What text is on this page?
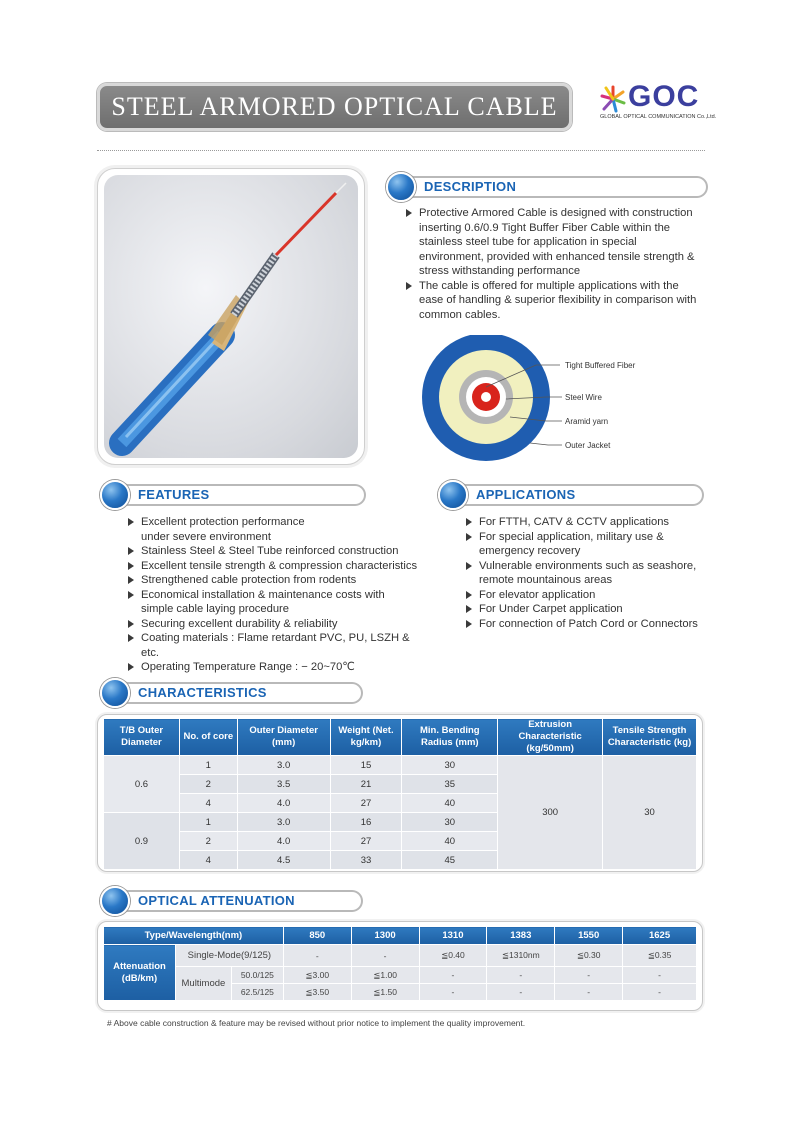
STEEL ARMORED OPTICAL CABLE	GOC
GLOBAL OPTICAL COMMUNICATION Co.,Ltd.
DESCRIPTION
Protective Armored Cable is designed with construction inserting 0.6/0.9 Tight Buffer Fiber Cable within the stainless steel tube for application in special environment, provided with enhanced tensile strength & stress withstanding performance
The cable is offered for multiple applications with the ease of handling & superior flexibility in comparison with common cables.
Tight Buffered Fiber
Steel Wire
Aramid yarn
Outer Jacket
FEATURES
Excellent protection performance under severe environment
Stainless Steel & Steel Tube reinforced construction
Excellent tensile strength & compression characteristics
Strengthened cable protection from rodents
Economical installation & maintenance costs with simple cable laying procedure
Securing excellent durability & reliability
Coating materials : Flame retardant PVC, PU, LSZH & etc.
Operating Temperature Range : − 20~70℃
APPLICATIONS
For FTTH, CATV & CCTV applications
For special application, military use & emergency recovery
Vulnerable environments such as seashore, remote mountainous areas
For elevator application
For Under Carpet application
For connection of Patch Cord or Connectors
CHARACTERISTICS
T/B Outer Diameter	No. of core	Outer Diameter (mm)	Weight (Net. kg/km)	Min. Bending Radius (mm)	Extrusion Characteristic (kg/50mm)	Tensile Strength Characteristic (kg)
0.6	1	3.0	15	30	300	30
	2	3.5	21	35		
	4	4.0	27	40		
0.9	1	3.0	16	30		
	2	4.0	27	40		
	4	4.5	33	45		
OPTICAL ATTENUATION
Type/Wavelength(nm)			850	1300	1310	1383	1550	1625
Attenuation (dB/km)	Single-Mode(9/125)		-	-	≦0.40	≦1310nm	≦0.30	≦0.35
	Multimode	50.0/125	≦3.00	≦1.00	-	-	-	-
		62.5/125	≦3.50	≦1.50	-	-	-	-
# Above cable construction & feature may be revised without prior notice to implement the quality improvement.
